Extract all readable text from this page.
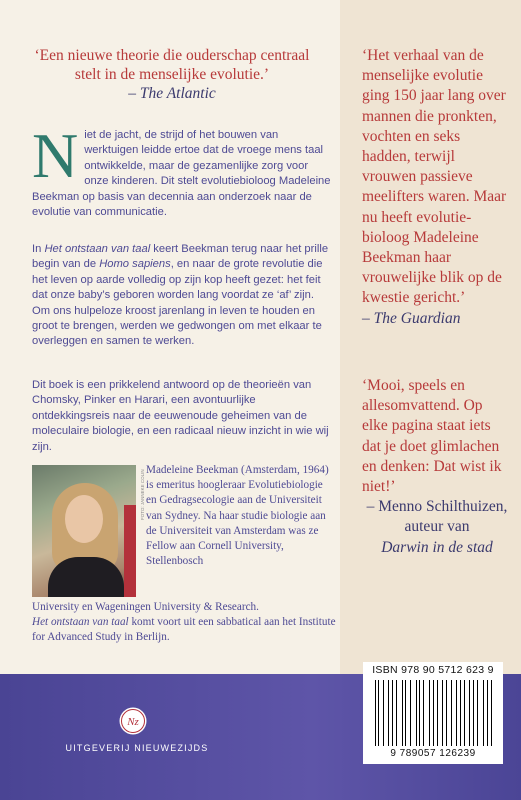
‘Een nieuwe theorie die ouderschap centraal stelt in de menselijke evolutie.’
– The Atlantic
Niet de jacht, de strijd of het bouwen van werktuigen leidde ertoe dat de vroege mens taal ontwikkelde, maar de gezamenlijke zorg voor onze kinderen. Dit stelt evolutiebioloog Madeleine Beekman op basis van decennia aan onderzoek naar de evolutie van communicatie.
In Het ontstaan van taal keert Beekman terug naar het prille begin van de Homo sapiens, en naar de grote revolutie die het leven op aarde volledig op zijn kop heeft gezet: het feit dat onze baby’s geboren worden lang voordat ze ‘af’ zijn. Om ons hulpeloze kroost jarenlang in leven te houden en groot te brengen, werden we gedwongen om met elkaar te overleggen en samen te werken.
Dit boek is een prikkelend antwoord op de theorieën van Chomsky, Pinker en Harari, een avontuurlijke ontdekkingsreis naar de eeuwenoude geheimen van de moleculaire biologie, en een radicaal nieuw inzicht in wie wij zijn.
FOTO: JANNEKE COLIN Madeleine Beekman (Amsterdam, 1964) is emeritus hoogleraar Evolutiebiologie en Gedragsecologie aan de Universiteit van Sydney. Na haar studie biologie aan de Universiteit van Amsterdam was ze Fellow aan Cornell University, Stellenbosch
University en Wageningen University & Research.
Het ontstaan van taal komt voort uit een sabbatical aan het Institute for Advanced Study in Berlijn.
‘Het verhaal van de menselijke evolutie ging 150 jaar lang over mannen die pronkten, vochten en seks hadden, terwijl vrouwen passieve meelifters waren. Maar nu heeft evolutiebioloog Madeleine Beekman haar vrouwelijke blik op de kwestie gericht.’
– The Guardian
‘Mooi, speels en allesomvattend. Op elke pagina staat iets dat je doet glimlachen en denken: Dat wist ik niet!’
– Menno Schilthuizen,
auteur van
Darwin in de stad
ISBN 978 90 5712 623 9
9 789057 126239
Nz
UITGEVERIJ NIEUWEZIJDS
